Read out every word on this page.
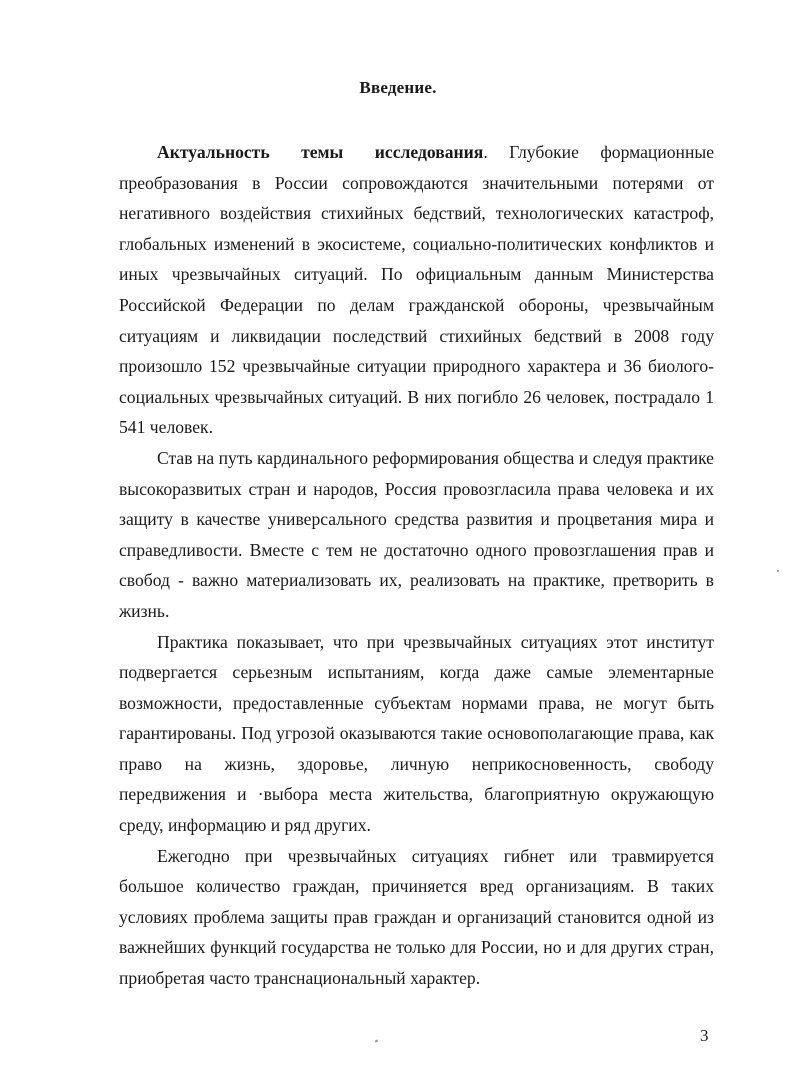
Введение.

Актуальность темы исследования. Глубокие формационные преобразования в России сопровождаются значительными потерями от негативного воздействия стихийных бедствий, технологических катастроф, глобальных изменений в экосистеме, социально-политических конфликтов и иных чрезвычайных ситуаций. По официальным данным Министерства Российской Федерации по делам гражданской обороны, чрезвычайным ситуациям и ликвидации последствий стихийных бедствий в 2008 году произошло 152 чрезвычайные ситуации природного характера и 36 биолого-социальных чрезвычайных ситуаций. В них погибло 26 человек, пострадало 1 541 человек.

Став на путь кардинального реформирования общества и следуя практике высокоразвитых стран и народов, Россия провозгласила права человека и их защиту в качестве универсального средства развития и процветания мира и справедливости. Вместе с тем не достаточно одного провозглашения прав и свобод - важно материализовать их, реализовать на практике, претворить в жизнь.

Практика показывает, что при чрезвычайных ситуациях этот институт подвергается серьезным испытаниям, когда даже самые элементарные возможности, предоставленные субъектам нормами права, не могут быть гарантированы. Под угрозой оказываются такие основополагающие права, как право на жизнь, здоровье, личную неприкосновенность, свободу передвижения и ·выбора места жительства, благоприятную окружающую среду, информацию и ряд других.

Ежегодно при чрезвычайных ситуациях гибнет или травмируется большое количество граждан, причиняется вред организациям. В таких условиях проблема защиты прав граждан и организаций становится одной из важнейших функций государства не только для России, но и для других стран, приобретая часто транснациональный характер.

3
